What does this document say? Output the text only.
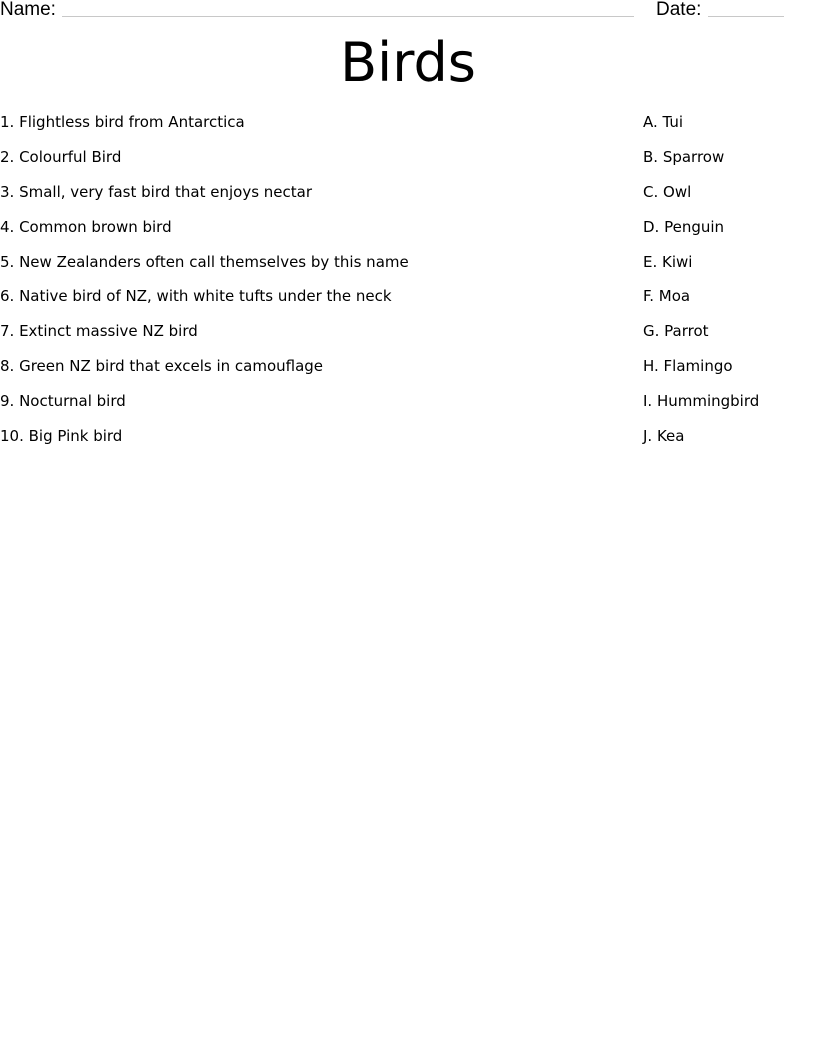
Name:	Date:
Birds
1. Flightless bird from Antarctica
2. Colourful Bird
3. Small, very fast bird that enjoys nectar
4. Common brown bird
5. New Zealanders often call themselves by this name
6. Native bird of NZ, with white tufts under the neck
7. Extinct massive NZ bird
8. Green NZ bird that excels in camouflage
9. Nocturnal bird
10. Big Pink bird
A. Tui
B. Sparrow
C. Owl
D. Penguin
E. Kiwi
F. Moa
G. Parrot
H. Flamingo
I. Hummingbird
J. Kea
